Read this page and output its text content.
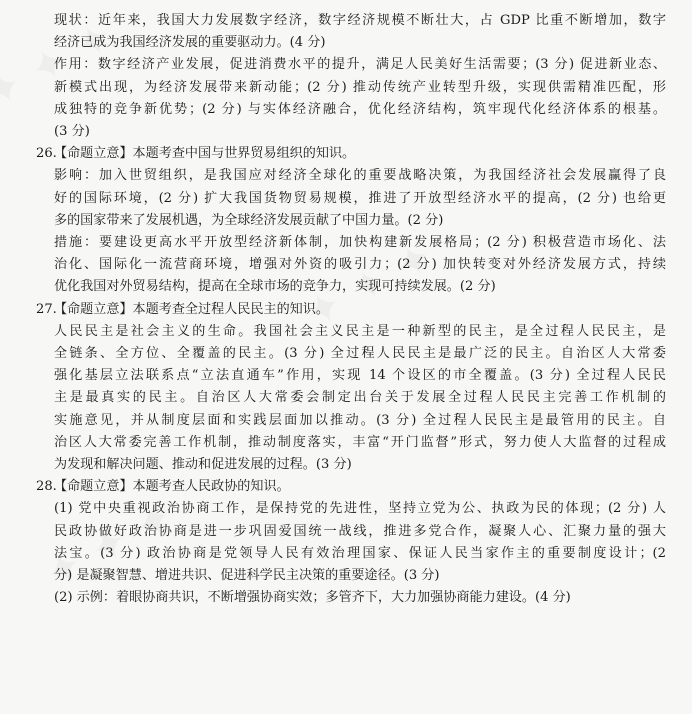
现状：近年来，我国大力发展数字经济，数字经济规模不断壮大，占 GDP 比重不断增加，数字
经济已成为我国经济发展的重要驱动力。(4 分)
作用：数字经济产业发展，促进消费水平的提升，满足人民美好生活需要；(3 分) 促进新业态、
新模式出现，为经济发展带来新动能；(2 分) 推动传统产业转型升级，实现供需精准匹配，形
成独特的竞争新优势；(2 分) 与实体经济融合，优化经济结构，筑牢现代化经济体系的根基。
(3 分)
26.【命题立意】本题考查中国与世界贸易组织的知识。
影响：加入世贸组织，是我国应对经济全球化的重要战略决策，为我国经济社会发展赢得了良
好的国际环境，(2 分) 扩大我国货物贸易规模，推进了开放型经济水平的提高，(2 分) 也给更
多的国家带来了发展机遇，为全球经济发展贡献了中国力量。(2 分)
措施：要建设更高水平开放型经济新体制，加快构建新发展格局；(2 分) 积极营造市场化、法
治化、国际化一流营商环境，增强对外资的吸引力；(2 分) 加快转变对外经济发展方式，持续
优化我国对外贸易结构，提高在全球市场的竞争力，实现可持续发展。(2 分)
27.【命题立意】本题考查全过程人民民主的知识。
人民民主是社会主义的生命。我国社会主义民主是一种新型的民主，是全过程人民民主，是
全链条、全方位、全覆盖的民主。(3 分) 全过程人民民主是最广泛的民主。自治区人大常委
强化基层立法联系点“立法直通车”作用，实现 14 个设区的市全覆盖。(3 分) 全过程人民民
主是最真实的民主。自治区人大常委会制定出台关于发展全过程人民民主完善工作机制的
实施意见，并从制度层面和实践层面加以推动。(3 分) 全过程人民民主是最管用的民主。自
治区人大常委完善工作机制，推动制度落实，丰富“开门监督”形式，努力使人大监督的过程成
为发现和解决问题、推动和促进发展的过程。(3 分)
28.【命题立意】本题考查人民政协的知识。
(1) 党中央重视政治协商工作，是保持党的先进性，坚持立党为公、执政为民的体现；(2 分) 人
民政协做好政治协商是进一步巩固爱国统一战线，推进多党合作，凝聚人心、汇聚力量的强大
法宝。(3 分) 政治协商是党领导人民有效治理国家、保证人民当家作主的重要制度设计；(2
分) 是凝聚智慧、增进共识、促进科学民主决策的重要途径。(3 分)
(2) 示例：着眼协商共识，不断增强协商实效；多管齐下，大力加强协商能力建设。(4 分)
